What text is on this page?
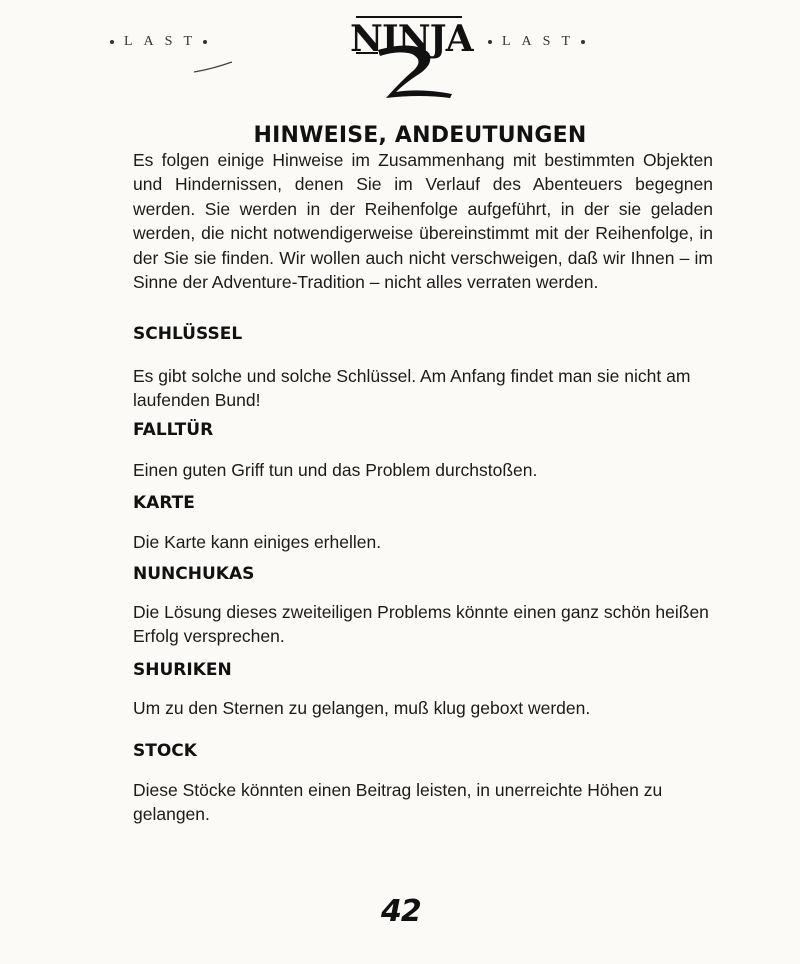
LAST	NINJA	LAST
HINWEISE, ANDEUTUNGEN

Es folgen einige Hinweise im Zusammenhang mit bestimmten Objekten und Hindernissen, denen Sie im Verlauf des Abenteuers begegnen werden. Sie werden in der Reihenfolge aufgeführt, in der sie geladen werden, die nicht notwendigerweise übereinstimmt mit der Reihenfolge, in der Sie sie finden. Wir wollen auch nicht verschweigen, daß wir Ihnen – im Sinne der Adventure-Tradition – nicht alles verraten werden.

SCHLÜSSEL

Es gibt solche und solche Schlüssel. Am Anfang findet man sie nicht am laufenden Bund!

FALLTÜR

Einen guten Griff tun und das Problem durchstoßen.

KARTE

Die Karte kann einiges erhellen.

NUNCHUKAS

Die Lösung dieses zweiteiligen Problems könnte einen ganz schön heißen Erfolg versprechen.

SHURIKEN

Um zu den Sternen zu gelangen, muß klug geboxt werden.

STOCK

Diese Stöcke könnten einen Beitrag leisten, in unerreichte Höhen zu gelangen.

42
